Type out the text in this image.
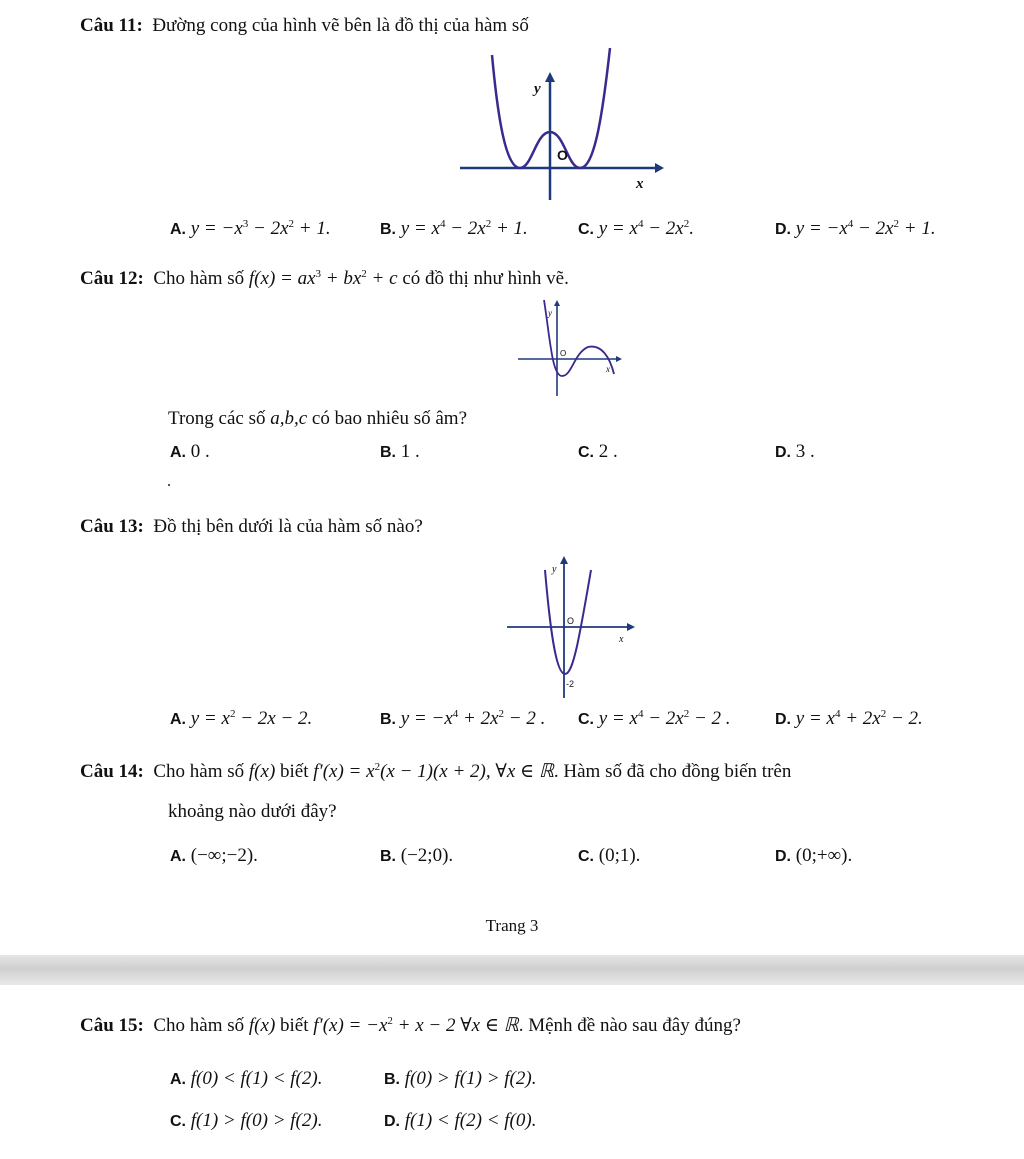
Câu 11: Đường cong của hình vẽ bên là đồ thị của hàm số
y
x
O
A. $y = -x^3 - 2x^2 + 1$.	B. $y = x^4 - 2x^2 + 1$.	C. $y = x^4 - 2x^2$.	D. $y = -x^4 - 2x^2 + 1$.
Câu 12: Cho hàm số $f(x) = ax^3 + bx^2 + c$ có đồ thị như hình vẽ.
y
x
O
Trong các số a,b,c có bao nhiêu số âm?
A. 0 .	B. 1 .	C. 2 .	D. 3 .
Câu 13: Đồ thị bên dưới là của hàm số nào?
y
x
O
-2
A. $y = x^2 - 2x - 2$.	B. $y = -x^4 + 2x^2 - 2$ . C. $y = x^4 - 2x^2 - 2$ .	D. $y = x^4 + 2x^2 - 2$.
Câu 14: Cho hàm số f(x) biết $f'(x) = x^2(x - 1)(x + 2)$, ∀x ∈ ℝ. Hàm số đã cho đồng biến trên
khoảng nào dưới đây?
A. (−∞;−2).	B. (−2;0).	C. (0;1).	D. (0;+∞).
Trang 3
Câu 15: Cho hàm số f(x) biết $f'(x) = -x^2 + x - 2$ ∀x ∈ ℝ. Mệnh đề nào sau đây đúng?
A. f(0) < f(1) < f(2).	B. f(0) > f(1) > f(2).
C. f(1) > f(0) > f(2).	D. f(1) < f(2) < f(0).
